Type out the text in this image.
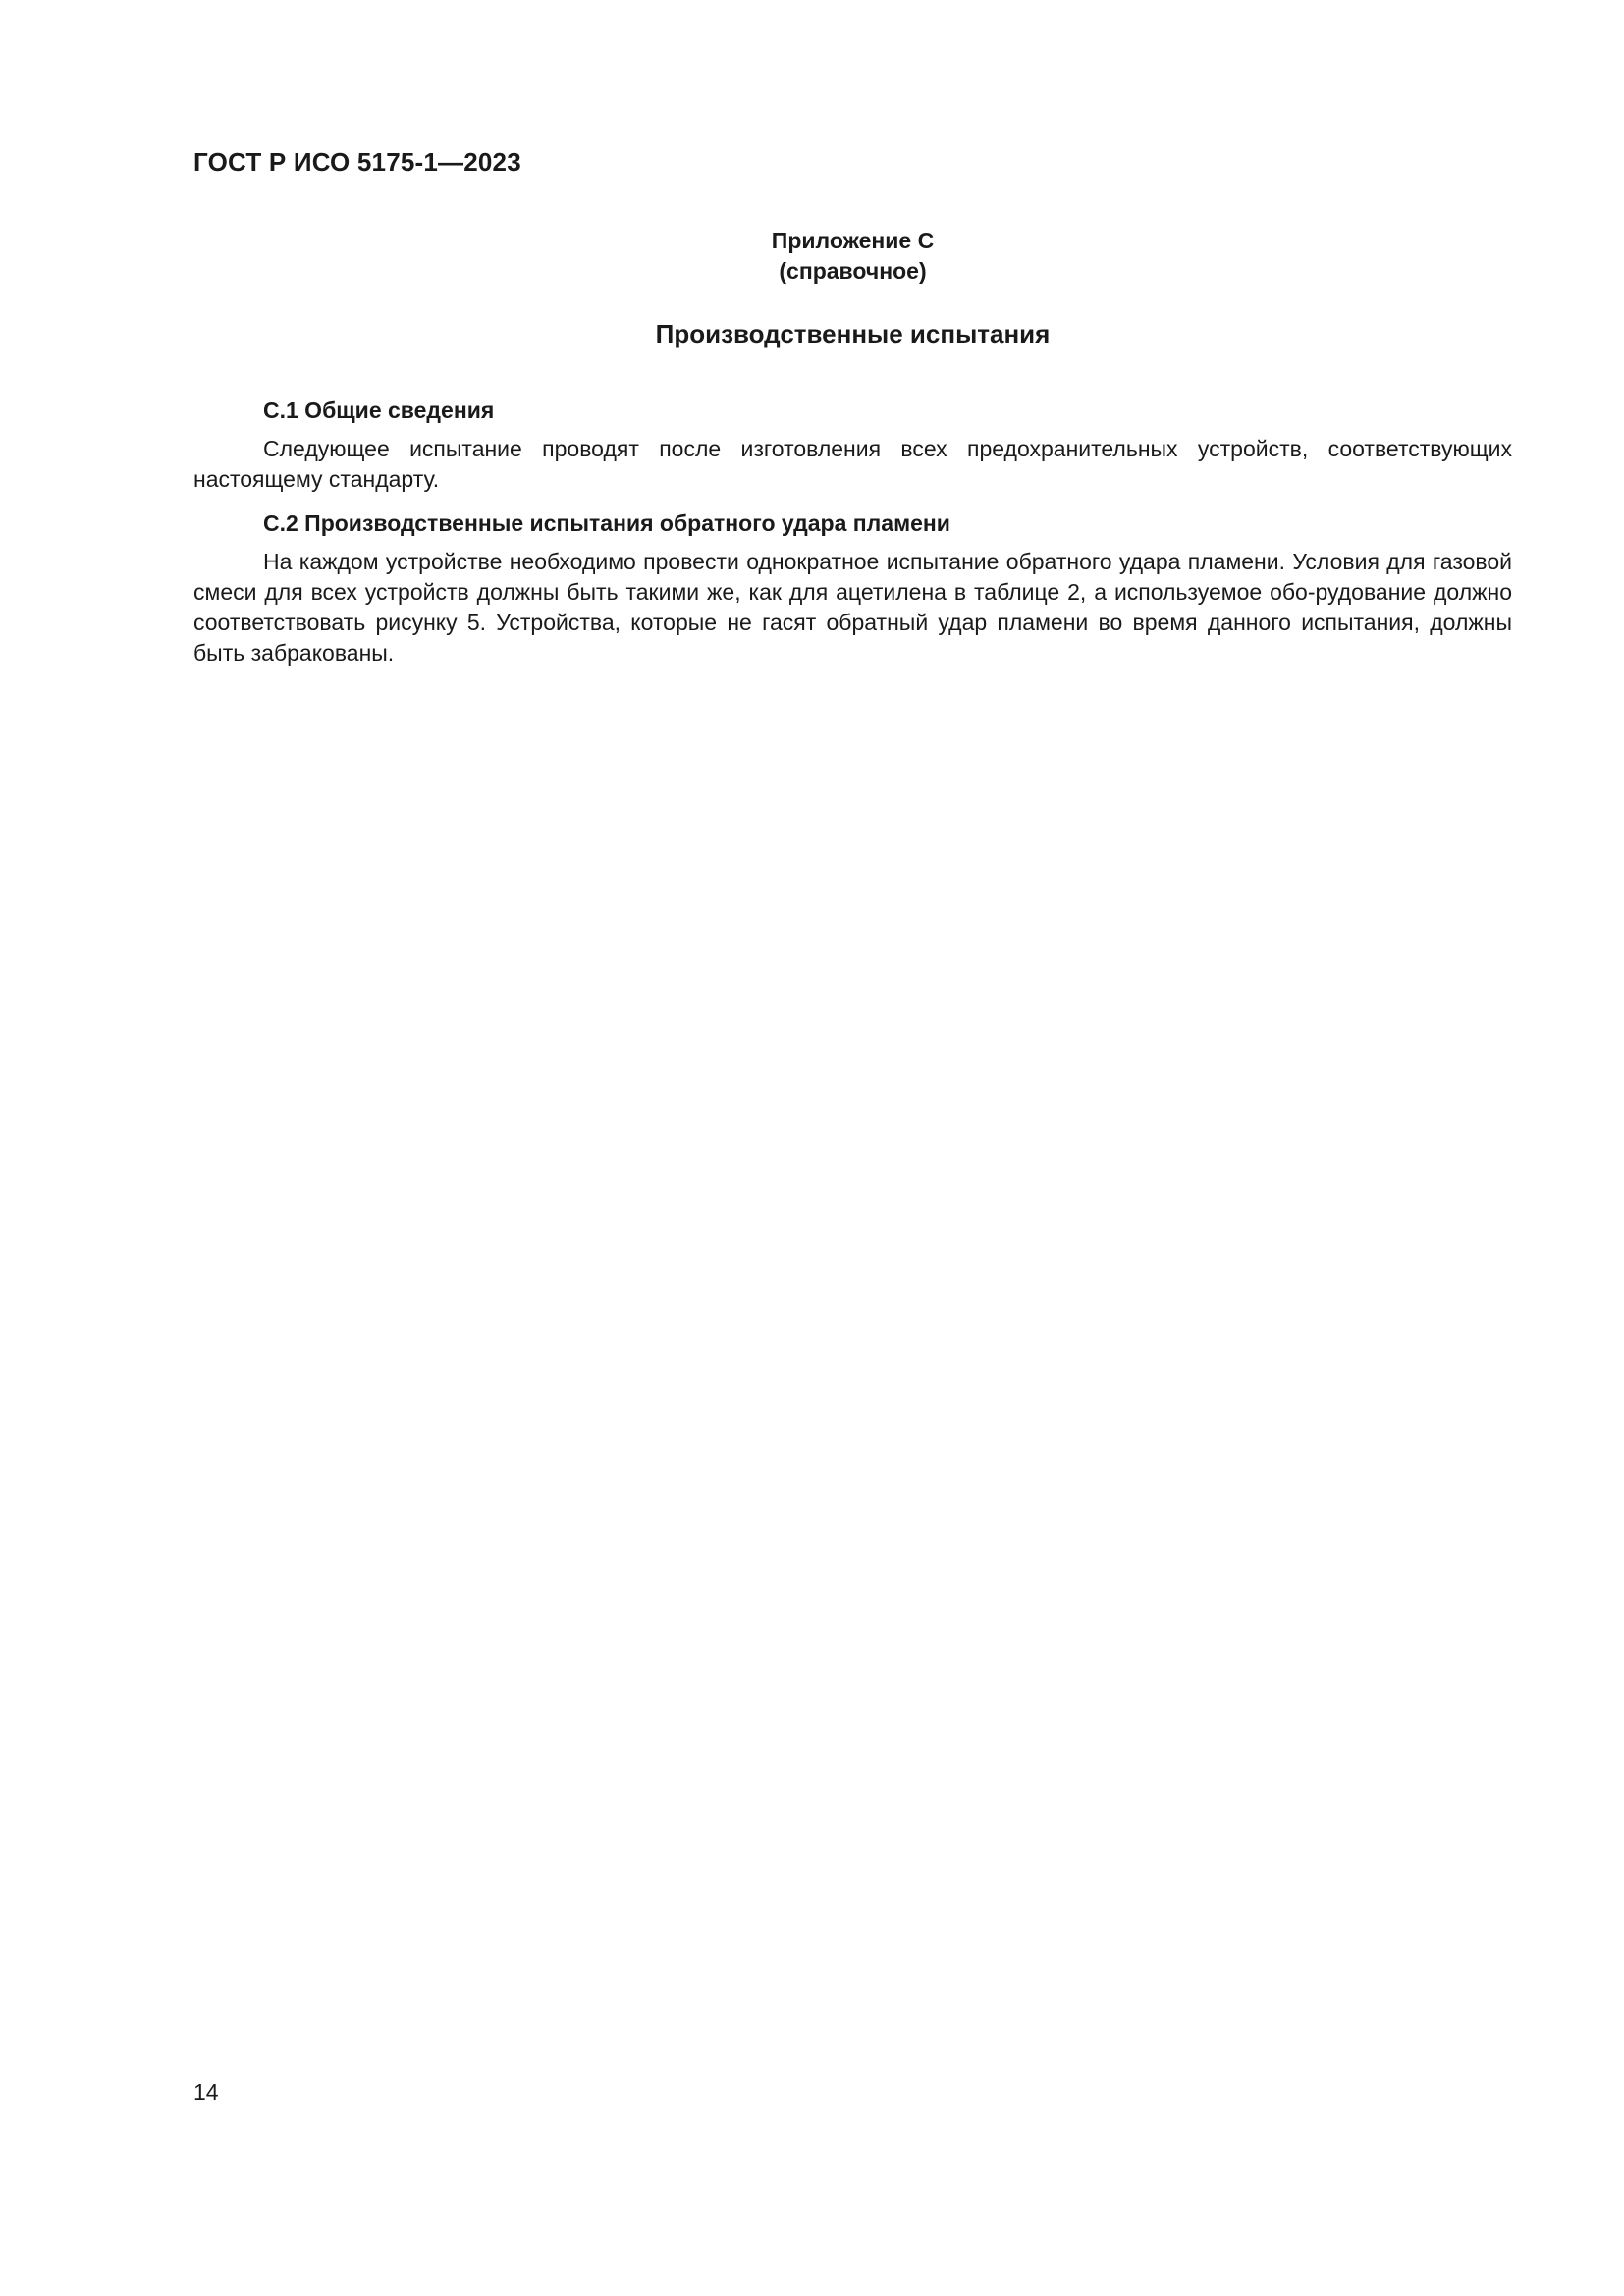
ГОСТ Р ИСО 5175-1—2023
Приложение С
(справочное)
Производственные испытания
С.1 Общие сведения

Следующее испытание проводят после изготовления всех предохранительных устройств, соответствующих настоящему стандарту.

С.2 Производственные испытания обратного удара пламени

На каждом устройстве необходимо провести однократное испытание обратного удара пламени. Условия для газовой смеси для всех устройств должны быть такими же, как для ацетилена в таблице 2, а используемое обо-рудование должно соответствовать рисунку 5. Устройства, которые не гасят обратный удар пламени во время данного испытания, должны быть забракованы.

14
